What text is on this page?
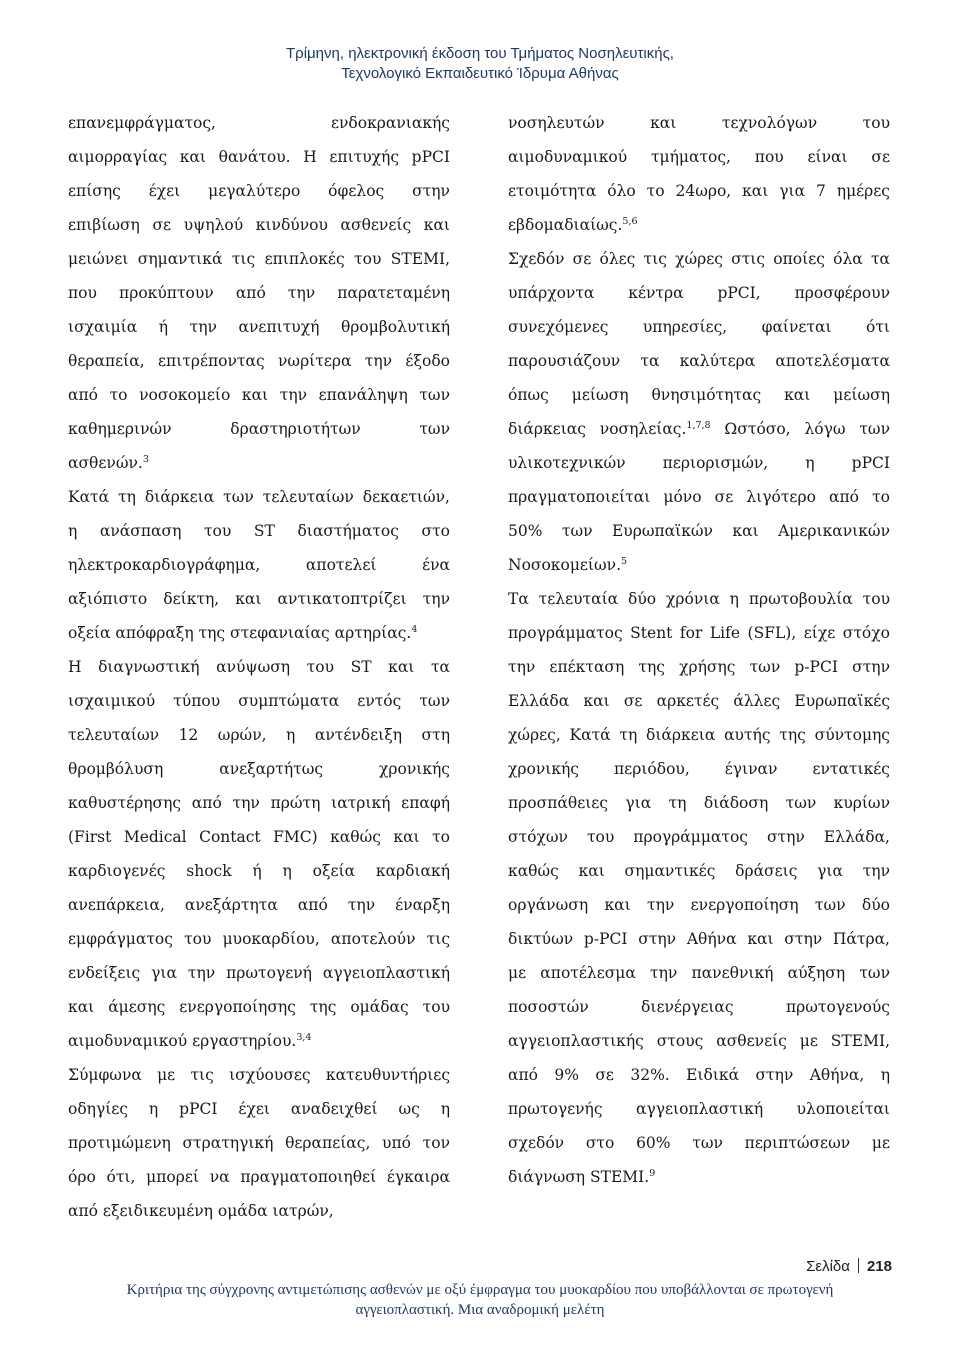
Τρίμηνη, ηλεκτρονική έκδοση του Τμήματος Νοσηλευτικής,
Τεχνολογικό Εκπαιδευτικό Ίδρυμα Αθήνας
επανεμφράγματος, ενδοκρανιακής
αιμορραγίας και θανάτου. Η επιτυχής pPCI
επίσης έχει μεγαλύτερο όφελος στην
επιβίωση σε υψηλού κινδύνου ασθενείς και
μειώνει σημαντικά τις επιπλοκές του STEMI,
που προκύπτουν από την παρατεταμένη
ισχαιμία ή την ανεπιτυχή θρομβολυτική
θεραπεία, επιτρέποντας νωρίτερα την έξοδο
από το νοσοκομείο και την επανάληψη των
καθημερινών δραστηριοτήτων των
ασθενών.$^3$
Κατά τη διάρκεια των τελευταίων δεκαετιών,
η ανάσπαση του ST διαστήματος στο
ηλεκτροκαρδιογράφημα, αποτελεί ένα
αξιόπιστο δείκτη, και αντικατοπτρίζει την
οξεία απόφραξη της στεφανιαίας αρτηρίας.$^4$
Η διαγνωστική ανύψωση του ST και τα
ισχαιμικού τύπου συμπτώματα εντός των
τελευταίων 12 ωρών, η αντένδειξη στη
θρομβόλυση ανεξαρτήτως χρονικής
καθυστέρησης από την πρώτη ιατρική επαφή
(First Medical Contact FMC) καθώς και το
καρδιογενές shock ή η οξεία καρδιακή
ανεπάρκεια, ανεξάρτητα από την έναρξη
εμφράγματος του μυοκαρδίου, αποτελούν τις
ενδείξεις για την πρωτογενή αγγειοπλαστική
και άμεσης ενεργοποίησης της ομάδας του
αιμοδυναμικού εργαστηρίου.$^{3,4}$
Σύμφωνα με τις ισχύουσες κατευθυντήριες
οδηγίες η pPCI έχει αναδειχθεί ως η
προτιμώμενη στρατηγική θεραπείας, υπό τον
όρο ότι, μπορεί να πραγματοποιηθεί έγκαιρα
από εξειδικευμένη ομάδα ιατρών,
νοσηλευτών και τεχνολόγων του
αιμοδυναμικού τμήματος, που είναι σε
ετοιμότητα όλο το 24ωρο, και για 7 ημέρες
εβδομαδιαίως.$^{5,6}$
Σχεδόν σε όλες τις χώρες στις οποίες όλα τα
υπάρχοντα κέντρα pPCI, προσφέρουν
συνεχόμενες υπηρεσίες, φαίνεται ότι
παρουσιάζουν τα καλύτερα αποτελέσματα
όπως μείωση θνησιμότητας και μείωση
διάρκειας νοσηλείας.$^{1,7,8}$ Ωστόσο, λόγω των
υλικοτεχνικών περιορισμών, η pPCI
πραγματοποιείται μόνο σε λιγότερο από το
50% των Ευρωπαϊκών και Αμερικανικών
Νοσοκομείων.$^5$
Τα τελευταία δύο χρόνια η πρωτοβουλία του
προγράμματος Stent for Life (SFL), είχε στόχο
την επέκταση της χρήσης των p-PCI στην
Ελλάδα και σε αρκετές άλλες Ευρωπαϊκές
χώρες, Κατά τη διάρκεια αυτής της σύντομης
χρονικής περιόδου, έγιναν εντατικές
προσπάθειες για τη διάδοση των κυρίων
στόχων του προγράμματος στην Ελλάδα,
καθώς και σημαντικές δράσεις για την
οργάνωση και την ενεργοποίηση των δύο
δικτύων p-PCI στην Αθήνα και στην Πάτρα,
με αποτέλεσμα την πανεθνική αύξηση των
ποσοστών διενέργειας πρωτογενούς
αγγειοπλαστικής στους ασθενείς με STEMI,
από 9% σε 32%. Ειδικά στην Αθήνα, η
πρωτογενής αγγειοπλαστική υλοποιείται
σχεδόν στο 60% των περιπτώσεων με
διάγνωση STEMI.$^9$
Σελίδα 218
Κριτήρια της σύγχρονης αντιμετώπισης ασθενών με οξύ έμφραγμα του μυοκαρδίου που υποβάλλονται σε πρωτογενή
αγγειοπλαστική. Μια αναδρομική μελέτη
